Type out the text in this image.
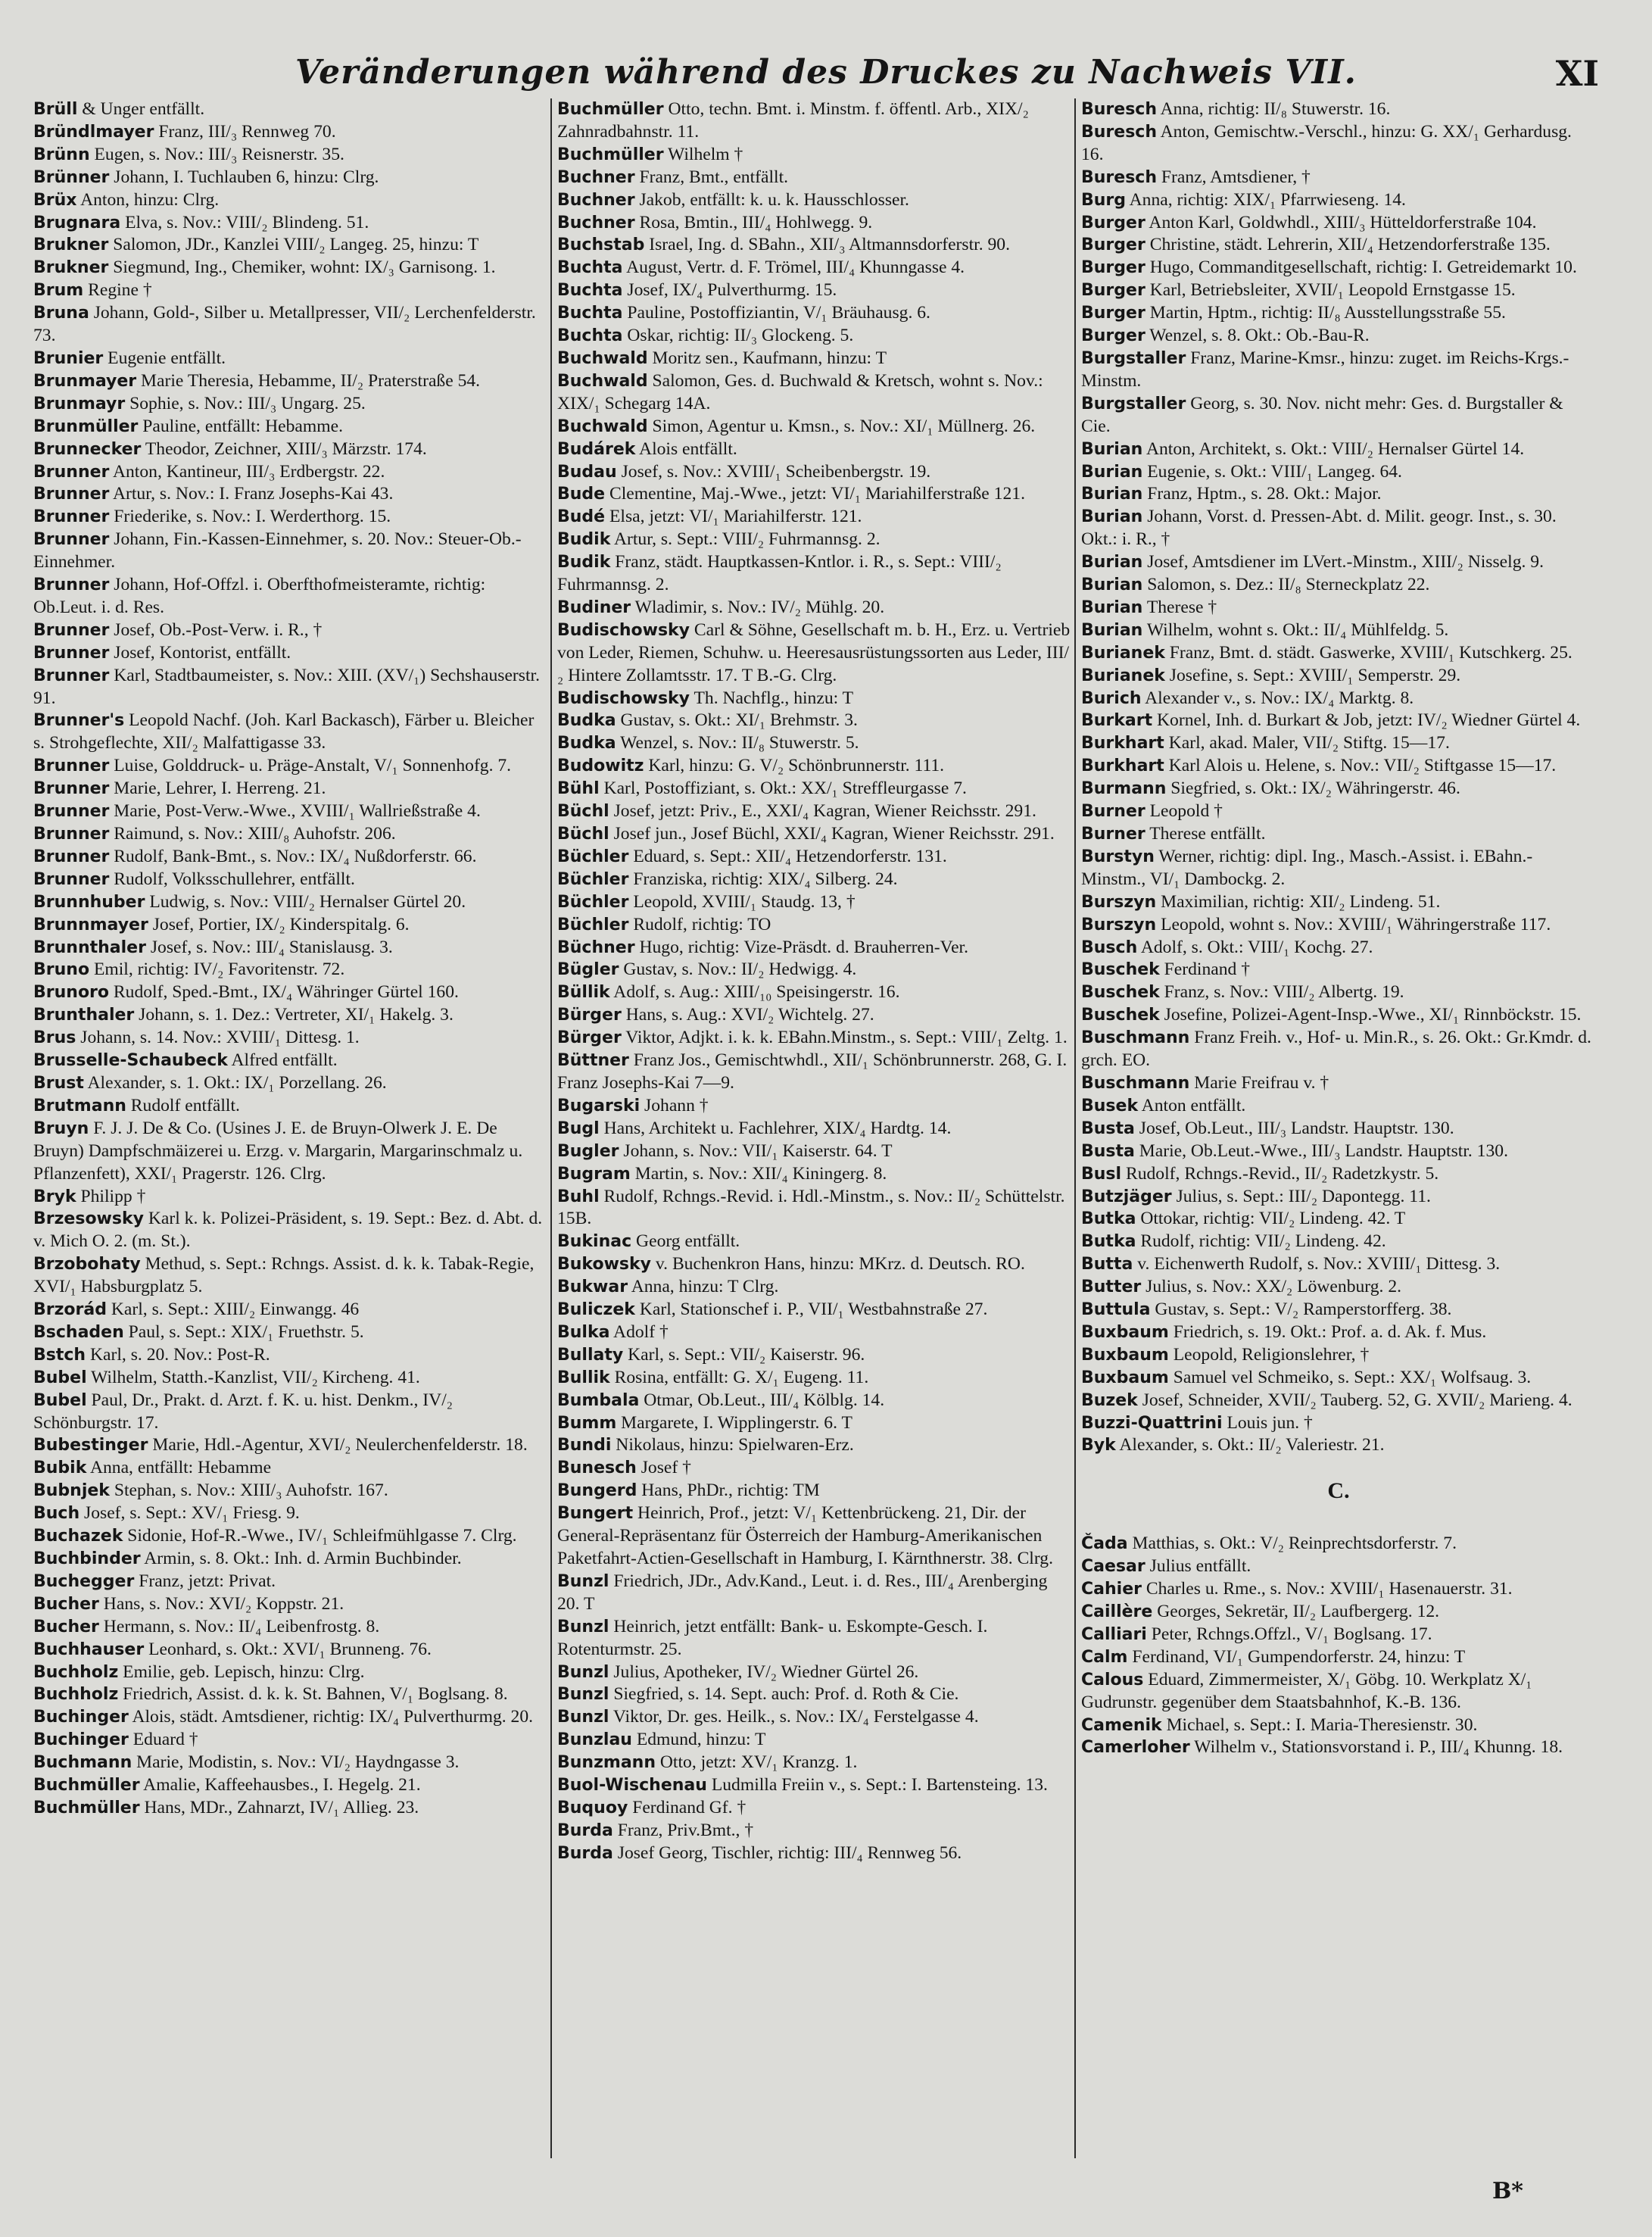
Veränderungen während des Druckes zu Nachweis VII.	XI
Brüll & Unger entfällt.
Bründlmayer Franz, III/₃ Rennweg 70.
Brünn Eugen, s. Nov.: III/₃ Reisnerstr. 35.
Brünner Johann, I. Tuchlauben 6, hinzu: Clrg.
Brüx Anton, hinzu: Clrg.
Brugnara Elva, s. Nov.: VIII/₂ Blindeng. 51.
Brukner Salomon, JDr., Kanzlei VIII/₂ Langeg. 25, hinzu: T
Brukner Siegmund, Ing., Chemiker, wohnt: IX/₃ Garnisong. 1.
Brum Regine †
Bruna Johann, Gold-, Silber u. Metallpresser, VII/₂ Lerchenfelderstr. 73.
Brunier Eugenie entfällt.
Brunmayer Marie Theresia, Hebamme, II/₂ Praterstraße 54.
Brunmayr Sophie, s. Nov.: III/₃ Ungarg. 25.
Brunmüller Pauline, entfällt: Hebamme.
Brunnecker Theodor, Zeichner, XIII/₃ Märzstr. 174.
Brunner Anton, Kantineur, III/₃ Erdbergstr. 22.
Brunner Artur, s. Nov.: I. Franz Josephs-Kai 43.
Brunner Friederike, s. Nov.: I. Werderthorg. 15.
Brunner Johann, Fin.-Kassen-Einnehmer, s. 20. Nov.: Steuer-Ob.-Einnehmer.
Brunner Johann, Hof-Offzl. i. Oberfthofmeisteramte, richtig: Ob.Leut. i. d. Res.
Brunner Josef, Ob.-Post-Verw. i. R., †
Brunner Josef, Kontorist, entfällt.
Brunner Karl, Stadtbaumeister, s. Nov.: XIII. (XV/₁) Sechshauserstr. 91.
Brunner's Leopold Nachf. (Joh. Karl Backasch), Färber u. Bleicher s. Strohgeflechte, XII/₂ Malfattigasse 33.
Brunner Luise, Golddruck- u. Präge-Anstalt, V/₁ Sonnenhofg. 7.
Brunner Marie, Lehrer, I. Herreng. 21.
Brunner Marie, Post-Verw.-Wwe., XVIII/₁ Wallrießstraße 4.
Brunner Raimund, s. Nov.: XIII/₈ Auhofstr. 206.
Brunner Rudolf, Bank-Bmt., s. Nov.: IX/₄ Nußdorferstr. 66.
Brunner Rudolf, Volksschullehrer, entfällt.
Brunnhuber Ludwig, s. Nov.: VIII/₂ Hernalser Gürtel 20.
Brunnmayer Josef, Portier, IX/₂ Kinderspitalg. 6.
Brunnthaler Josef, s. Nov.: III/₄ Stanislausg. 3.
Bruno Emil, richtig: IV/₂ Favoritenstr. 72.
Brunoro Rudolf, Sped.-Bmt., IX/₄ Währinger Gürtel 160.
Brunthaler Johann, s. 1. Dez.: Vertreter, XI/₁ Hakelg. 3.
Brus Johann, s. 14. Nov.: XVIII/₁ Dittesg. 1.
Brusselle-Schaubeck Alfred entfällt.
Brust Alexander, s. 1. Okt.: IX/₁ Porzellang. 26.
Brutmann Rudolf entfällt.
Bruyn F. J. J. De & Co. (Usines J. E. de Bruyn-Olwerk J. E. De Bruyn) Dampfschmäizerei u. Erzg. v. Margarin, Margarinschmalz u. Pflanzenfett), XXI/₁ Pragerstr. 126. Clrg.
Bryk Philipp †
Brzesowsky Karl k. k. Polizei-Präsident, s. 19. Sept.: Bez. d. Abt. d. v. Mich O. 2. (m. St.).
Brzobohaty Methud, s. Sept.: Rchngs. Assist. d. k. k. Tabak-Regie, XVI/₁ Habsburgplatz 5.
Brzorád Karl, s. Sept.: XIII/₂ Einwangg. 46
Bschaden Paul, s. Sept.: XIX/₁ Fruethstr. 5.
Bstch Karl, s. 20. Nov.: Post-R.
Bubel Wilhelm, Statth.-Kanzlist, VII/₂ Kircheng. 41.
Bubel Paul, Dr., Prakt. d. Arzt. f. K. u. hist. Denkm., IV/₂ Schönburgstr. 17.
Bubestinger Marie, Hdl.-Agentur, XVI/₂ Neulerchenfelderstr. 18.
Bubik Anna, entfällt: Hebamme
Bubnjek Stephan, s. Nov.: XIII/₃ Auhofstr. 167.
Buch Josef, s. Sept.: XV/₁ Friesg. 9.
Buchazek Sidonie, Hof-R.-Wwe., IV/₁ Schleifmühlgasse 7. Clrg.
Buchbinder Armin, s. 8. Okt.: Inh. d. Armin Buchbinder.
Buchegger Franz, jetzt: Privat.
Bucher Hans, s. Nov.: XVI/₂ Koppstr. 21.
Bucher Hermann, s. Nov.: II/₄ Leibenfrostg. 8.
Buchhauser Leonhard, s. Okt.: XVI/₁ Brunneng. 76.
Buchholz Emilie, geb. Lepisch, hinzu: Clrg.
Buchholz Friedrich, Assist. d. k. k. St. Bahnen, V/₁ Boglsang. 8.
Buchinger Alois, städt. Amtsdiener, richtig: IX/₄ Pulverthurmg. 20.
Buchinger Eduard †
Buchmann Marie, Modistin, s. Nov.: VI/₂ Haydngasse 3.
Buchmüller Amalie, Kaffeehausbes., I. Hegelg. 21.
Buchmüller Hans, MDr., Zahnarzt, IV/₁ Allieg. 23.
Buchmüller Otto, techn. Bmt. i. Minstm. f. öffentl. Arb., XIX/₂ Zahnradbahnstr. 11.
Buchmüller Wilhelm †
Buchner Franz, Bmt., entfällt.
Buchner Jakob, entfällt: k. u. k. Hausschlosser.
Buchner Rosa, Bmtin., III/₄ Hohlwegg. 9.
Buchstab Israel, Ing. d. SBahn., XII/₃ Altmannsdorferstr. 90.
Buchta August, Vertr. d. F. Trömel, III/₄ Khunngasse 4.
Buchta Josef, IX/₄ Pulverthurmg. 15.
Buchta Pauline, Postoffiziantin, V/₁ Bräuhausg. 6.
Buchta Oskar, richtig: II/₃ Glockeng. 5.
Buchwald Moritz sen., Kaufmann, hinzu: T
Buchwald Salomon, Ges. d. Buchwald & Kretsch, wohnt s. Nov.: XIX/₁ Schegarg 14A.
Buchwald Simon, Agentur u. Kmsn., s. Nov.: XI/₁ Müllnerg. 26.
Budárek Alois entfällt.
Budau Josef, s. Nov.: XVIII/₁ Scheibenbergstr. 19.
Bude Clementine, Maj.-Wwe., jetzt: VI/₁ Mariahilferstraße 121.
Budé Elsa, jetzt: VI/₁ Mariahilferstr. 121.
Budik Artur, s. Sept.: VIII/₂ Fuhrmannsg. 2.
Budik Franz, städt. Hauptkassen-Kntlor. i. R., s. Sept.: VIII/₂ Fuhrmannsg. 2.
Budiner Wladimir, s. Nov.: IV/₂ Mühlg. 20.
Budischowsky Carl & Söhne, Gesellschaft m. b. H., Erz. u. Vertrieb von Leder, Riemen, Schuhw. u. Heeresausrüstungssorten aus Leder, III/₂ Hintere Zollamtsstr. 17. T B.-G. Clrg.
Budischowsky Th. Nachflg., hinzu: T
Budka Gustav, s. Okt.: XI/₁ Brehmstr. 3.
Budka Wenzel, s. Nov.: II/₈ Stuwerstr. 5.
Budowitz Karl, hinzu: G. V/₂ Schönbrunnerstr. 111.
Bühl Karl, Postoffiziant, s. Okt.: XX/₁ Streffleurgasse 7.
Büchl Josef, jetzt: Priv., E., XXI/₄ Kagran, Wiener Reichsstr. 291.
Büchl Josef jun., Josef Büchl, XXI/₄ Kagran, Wiener Reichsstr. 291.
Büchler Eduard, s. Sept.: XII/₄ Hetzendorferstr. 131.
Büchler Franziska, richtig: XIX/₄ Silberg. 24.
Büchler Leopold, XVIII/₁ Staudg. 13, †
Büchler Rudolf, richtig: TO
Büchner Hugo, richtig: Vize-Präsdt. d. Brauherren-Ver.
Bügler Gustav, s. Nov.: II/₂ Hedwigg. 4.
Büllik Adolf, s. Aug.: XIII/₁₀ Speisingerstr. 16.
Bürger Hans, s. Aug.: XVI/₂ Wichtelg. 27.
Bürger Viktor, Adjkt. i. k. k. EBahn.Minstm., s. Sept.: VIII/₁ Zeltg. 1.
Büttner Franz Jos., Gemischtwhdl., XII/₁ Schönbrunnerstr. 268, G. I. Franz Josephs-Kai 7—9.
Bugarski Johann †
Bugl Hans, Architekt u. Fachlehrer, XIX/₄ Hardtg. 14.
Bugler Johann, s. Nov.: VII/₁ Kaiserstr. 64. T
Bugram Martin, s. Nov.: XII/₄ Kiningerg. 8.
Buhl Rudolf, Rchngs.-Revid. i. Hdl.-Minstm., s. Nov.: II/₂ Schüttelstr. 15B.
Bukinac Georg entfällt.
Bukowsky v. Buchenkron Hans, hinzu: MKrz. d. Deutsch. RO.
Bukwar Anna, hinzu: T Clrg.
Buliczek Karl, Stationschef i. P., VII/₁ Westbahnstraße 27.
Bulka Adolf †
Bullaty Karl, s. Sept.: VII/₂ Kaiserstr. 96.
Bullik Rosina, entfällt: G. X/₁ Eugeng. 11.
Bumbala Otmar, Ob.Leut., III/₄ Kölblg. 14.
Bumm Margarete, I. Wipplingerstr. 6. T
Bundi Nikolaus, hinzu: Spielwaren-Erz.
Bunesch Josef †
Bungerd Hans, PhDr., richtig: TM
Bungert Heinrich, Prof., jetzt: V/₁ Kettenbrückeng. 21, Dir. der General-Repräsentanz für Österreich der Hamburg-Amerikanischen Paketfahrt-Actien-Gesellschaft in Hamburg, I. Kärnthnerstr. 38. Clrg.
Bunzl Friedrich, JDr., Adv.Kand., Leut. i. d. Res., III/₄ Arenberging 20. T
Bunzl Heinrich, jetzt entfällt: Bank- u. Eskompte-Gesch. I. Rotenturmstr. 25.
Bunzl Julius, Apotheker, IV/₂ Wiedner Gürtel 26.
Bunzl Siegfried, s. 14. Sept. auch: Prof. d. Roth & Cie.
Bunzl Viktor, Dr. ges. Heilk., s. Nov.: IX/₄ Ferstelgasse 4.
Bunzlau Edmund, hinzu: T
Bunzmann Otto, jetzt: XV/₁ Kranzg. 1.
Buol-Wischenau Ludmilla Freiin v., s. Sept.: I. Bartensteing. 13.
Buquoy Ferdinand Gf. †
Burda Franz, Priv.Bmt., †
Burda Josef Georg, Tischler, richtig: III/₄ Rennweg 56.
Buresch Anna, richtig: II/₈ Stuwerstr. 16.
Buresch Anton, Gemischtw.-Verschl., hinzu: G. XX/₁ Gerhardusg. 16.
Buresch Franz, Amtsdiener, †
Burg Anna, richtig: XIX/₁ Pfarrwieseng. 14.
Burger Anton Karl, Goldwhdl., XIII/₃ Hütteldorferstraße 104.
Burger Christine, städt. Lehrerin, XII/₄ Hetzendorferstraße 135.
Burger Hugo, Commanditgesellschaft, richtig: I. Getreidemarkt 10.
Burger Karl, Betriebsleiter, XVII/₁ Leopold Ernstgasse 15.
Burger Martin, Hptm., richtig: II/₈ Ausstellungsstraße 55.
Burger Wenzel, s. 8. Okt.: Ob.-Bau-R.
Burgstaller Franz, Marine-Kmsr., hinzu: zuget. im Reichs-Krgs.-Minstm.
Burgstaller Georg, s. 30. Nov. nicht mehr: Ges. d. Burgstaller & Cie.
Burian Anton, Architekt, s. Okt.: VIII/₂ Hernalser Gürtel 14.
Burian Eugenie, s. Okt.: VIII/₁ Langeg. 64.
Burian Franz, Hptm., s. 28. Okt.: Major.
Burian Johann, Vorst. d. Pressen-Abt. d. Milit. geogr. Inst., s. 30. Okt.: i. R., †
Burian Josef, Amtsdiener im LVert.-Minstm., XIII/₂ Nisselg. 9.
Burian Salomon, s. Dez.: II/₈ Sterneckplatz 22.
Burian Therese †
Burian Wilhelm, wohnt s. Okt.: II/₄ Mühlfeldg. 5.
Burianek Franz, Bmt. d. städt. Gaswerke, XVIII/₁ Kutschkerg. 25.
Burianek Josefine, s. Sept.: XVIII/₁ Semperstr. 29.
Burich Alexander v., s. Nov.: IX/₄ Marktg. 8.
Burkart Kornel, Inh. d. Burkart & Job, jetzt: IV/₂ Wiedner Gürtel 4.
Burkhart Karl, akad. Maler, VII/₂ Stiftg. 15—17.
Burkhart Karl Alois u. Helene, s. Nov.: VII/₂ Stiftgasse 15—17.
Burmann Siegfried, s. Okt.: IX/₂ Währingerstr. 46.
Burner Leopold †
Burner Therese entfällt.
Burstyn Werner, richtig: dipl. Ing., Masch.-Assist. i. EBahn.-Minstm., VI/₁ Dambockg. 2.
Burszyn Maximilian, richtig: XII/₂ Lindeng. 51.
Burszyn Leopold, wohnt s. Nov.: XVIII/₁ Währingerstraße 117.
Busch Adolf, s. Okt.: VIII/₁ Kochg. 27.
Buschek Ferdinand †
Buschek Franz, s. Nov.: VIII/₂ Albertg. 19.
Buschek Josefine, Polizei-Agent-Insp.-Wwe., XI/₁ Rinnböckstr. 15.
Buschmann Franz Freih. v., Hof- u. Min.R., s. 26. Okt.: Gr.Kmdr. d. grch. EO.
Buschmann Marie Freifrau v. †
Busek Anton entfällt.
Busta Josef, Ob.Leut., III/₃ Landstr. Hauptstr. 130.
Busta Marie, Ob.Leut.-Wwe., III/₃ Landstr. Hauptstr. 130.
Busl Rudolf, Rchngs.-Revid., II/₂ Radetzkystr. 5.
Butzjäger Julius, s. Sept.: III/₂ Dapontegg. 11.
Butka Ottokar, richtig: VII/₂ Lindeng. 42. T
Butka Rudolf, richtig: VII/₂ Lindeng. 42.
Butta v. Eichenwerth Rudolf, s. Nov.: XVIII/₁ Dittesg. 3.
Butter Julius, s. Nov.: XX/₂ Löwenburg. 2.
Buttula Gustav, s. Sept.: V/₂ Ramperstorfferg. 38.
Buxbaum Friedrich, s. 19. Okt.: Prof. a. d. Ak. f. Mus.
Buxbaum Leopold, Religionslehrer, †
Buxbaum Samuel vel Schmeiko, s. Sept.: XX/₁ Wolfsaug. 3.
Buzek Josef, Schneider, XVII/₂ Tauberg. 52, G. XVII/₂ Marieng. 4.
Buzzi-Quattrini Louis jun. †
Byk Alexander, s. Okt.: II/₂ Valeriestr. 21.
C.
Čada Matthias, s. Okt.: V/₂ Reinprechtsdorferstr. 7.
Caesar Julius entfällt.
Cahier Charles u. Rme., s. Nov.: XVIII/₁ Hasenauerstr. 31.
Caillère Georges, Sekretär, II/₂ Laufbergerg. 12.
Calliari Peter, Rchngs.Offzl., V/₁ Boglsang. 17.
Calm Ferdinand, VI/₁ Gumpendorferstr. 24, hinzu: T
Calous Eduard, Zimmermeister, X/₁ Göbg. 10. Werkplatz X/₁ Gudrunstr. gegenüber dem Staatsbahnhof, K.-B. 136.
Camenik Michael, s. Sept.: I. Maria-Theresienstr. 30.
Camerloher Wilhelm v., Stationsvorstand i. P., III/₄ Khunng. 18.
B*
